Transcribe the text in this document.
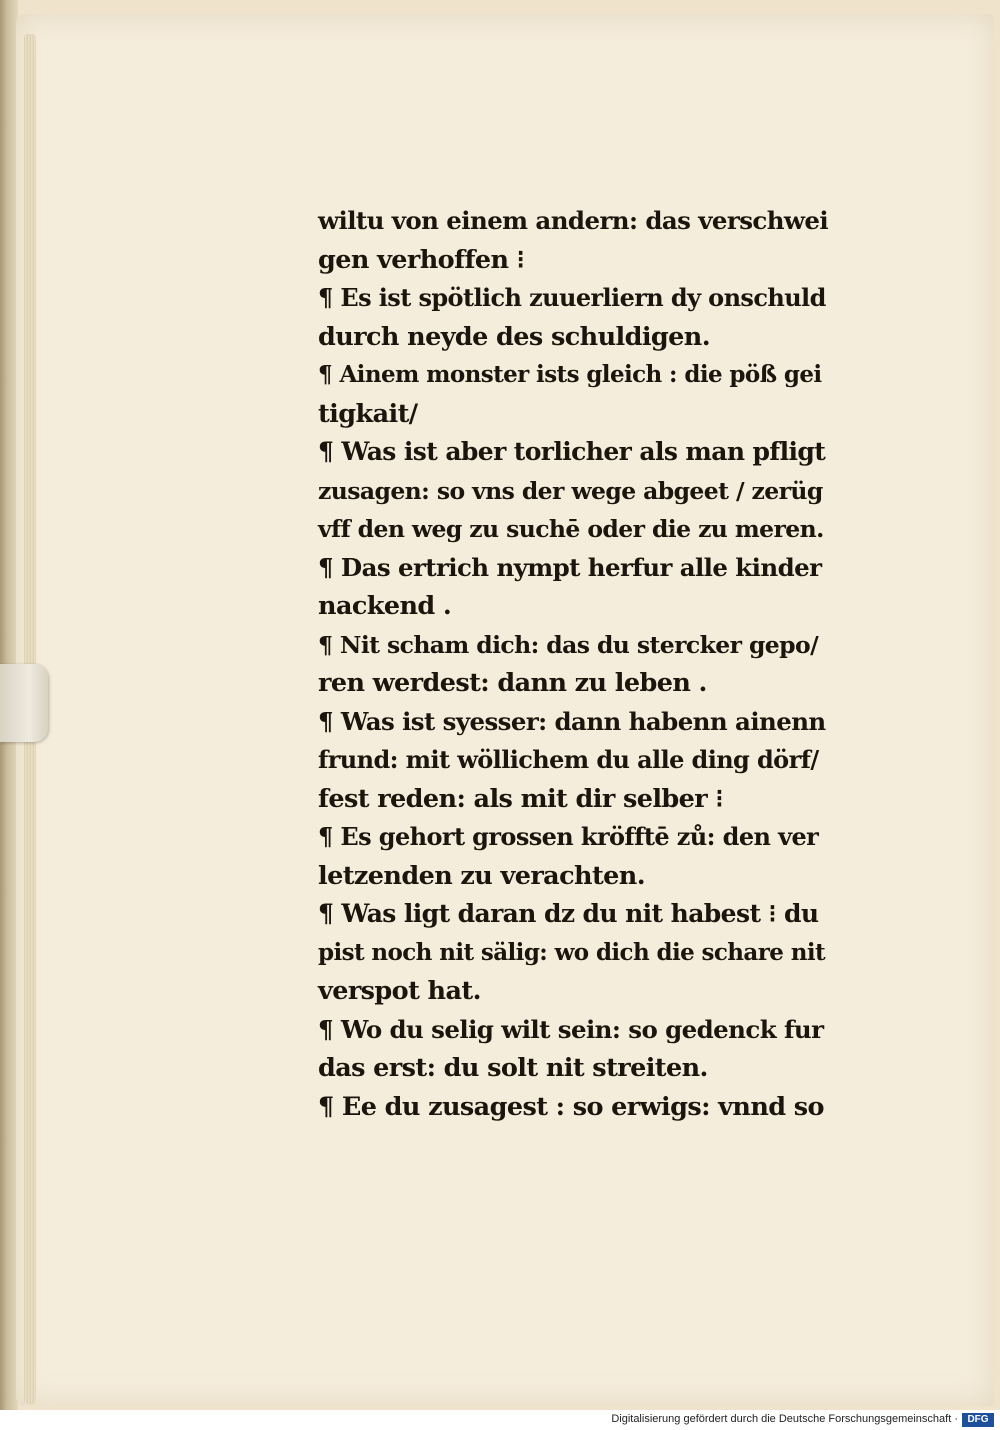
wiltu von einem andern: das verschwei
gen verhoffen ⁝
¶ Es ist spötlich zuuerliern dy onschuld
durch neyde des schuldigen.
¶ Ainem monster ists gleich : die pöß gei
tigkait/
¶ Was ist aber torlicher als man pfligt
zusagen: so vns der wege abgeet / zerüg
vff den weg zu suchē oder die zu meren.
¶ Das ertrich nympt herfur alle kinder
nackend .
¶ Nit scham dich: das du stercker gepo/
ren werdest: dann zu leben .
¶ Was ist syesser: dann habenn ainenn
frund: mit wöllichem du alle ding dörf/
fest reden: als mit dir selber ⁝
¶ Es gehort grossen kröfftē zů: den ver
letzenden zu verachten.
¶ Was ligt daran dz du nit habest ⁝ du
pist noch nit sälig: wo dich die schare nit
verspot hat.
¶ Wo du selig wilt sein: so gedenck fur
das erst: du solt nit streiten.
¶ Ee du zusagest : so erwigs: vnnd so
Digitalisierung gefördert durch die Deutsche Forschungsgemeinschaft · DFG
